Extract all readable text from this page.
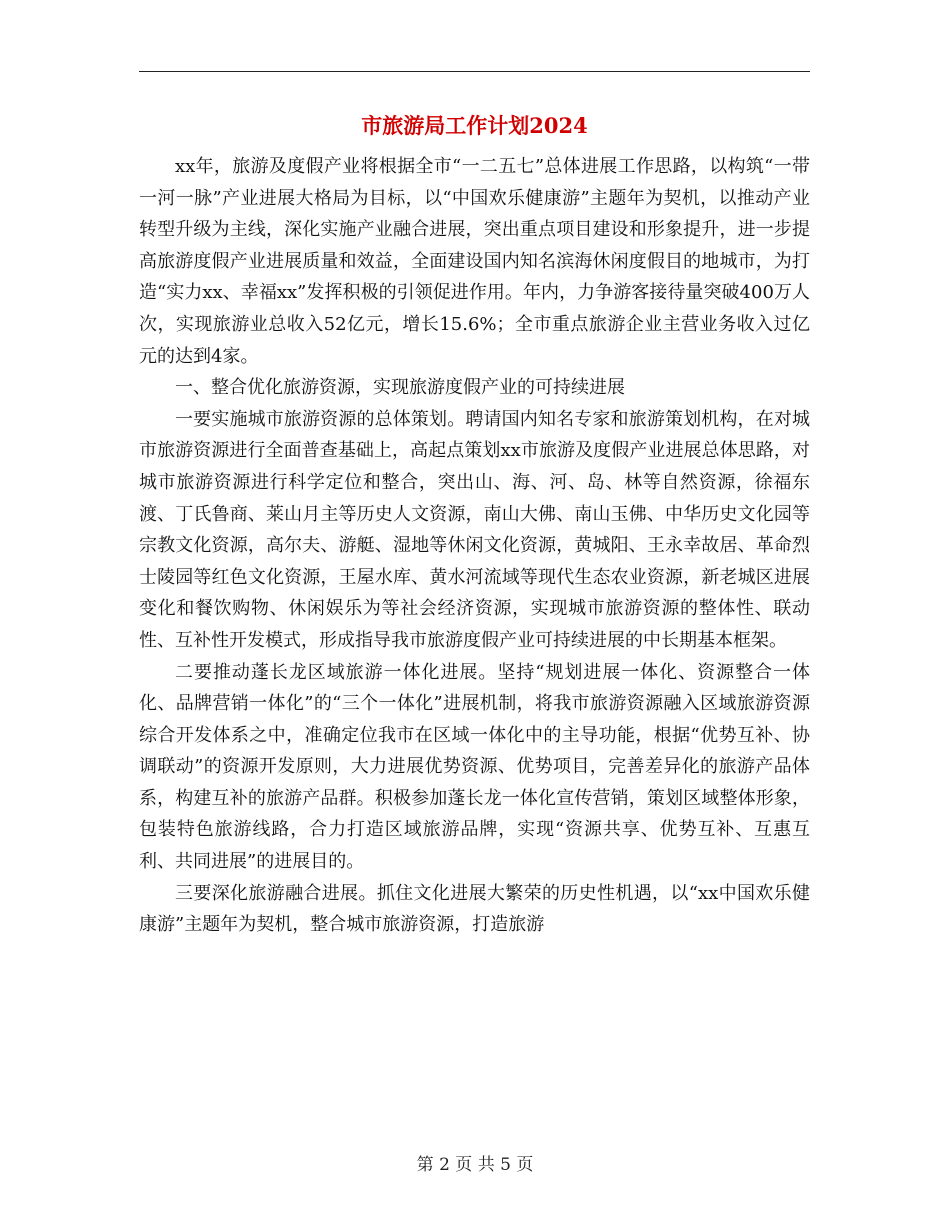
市旅游局工作计划2024

xx年，旅游及度假产业将根据全市“一二五七”总体进展工作思路，以构筑“一带一河一脉”产业进展大格局为目标，以“中国欢乐健康游”主题年为契机，以推动产业转型升级为主线，深化实施产业融合进展，突出重点项目建设和形象提升，进一步提高旅游度假产业进展质量和效益，全面建设国内知名滨海休闲度假目的地城市，为打造“实力xx、幸福xx”发挥积极的引领促进作用。年内，力争游客接待量突破400万人次，实现旅游业总收入52亿元，增长15.6%；全市重点旅游企业主营业务收入过亿元的达到4家。

一、整合优化旅游资源，实现旅游度假产业的可持续进展

一要实施城市旅游资源的总体策划。聘请国内知名专家和旅游策划机构，在对城市旅游资源进行全面普查基础上，高起点策划xx市旅游及度假产业进展总体思路，对城市旅游资源进行科学定位和整合，突出山、海、河、岛、林等自然资源，徐福东渡、丁氏鲁商、莱山月主等历史人文资源，南山大佛、南山玉佛、中华历史文化园等宗教文化资源，高尔夫、游艇、湿地等休闲文化资源，黄城阳、王永幸故居、革命烈士陵园等红色文化资源，王屋水库、黄水河流域等现代生态农业资源，新老城区进展变化和餐饮购物、休闲娱乐为等社会经济资源，实现城市旅游资源的整体性、联动性、互补性开发模式，形成指导我市旅游度假产业可持续进展的中长期基本框架。

二要推动蓬长龙区域旅游一体化进展。坚持“规划进展一体化、资源整合一体化、品牌营销一体化”的“三个一体化”进展机制，将我市旅游资源融入区域旅游资源综合开发体系之中，准确定位我市在区域一体化中的主导功能，根据“优势互补、协调联动”的资源开发原则，大力进展优势资源、优势项目，完善差异化的旅游产品体系，构建互补的旅游产品群。积极参加蓬长龙一体化宣传营销，策划区域整体形象，包装特色旅游线路，合力打造区域旅游品牌，实现“资源共享、优势互补、互惠互利、共同进展”的进展目的。

三要深化旅游融合进展。抓住文化进展大繁荣的历史性机遇，以“xx中国欢乐健康游”主题年为契机，整合城市旅游资源，打造旅游

第 2 页 共 5 页
